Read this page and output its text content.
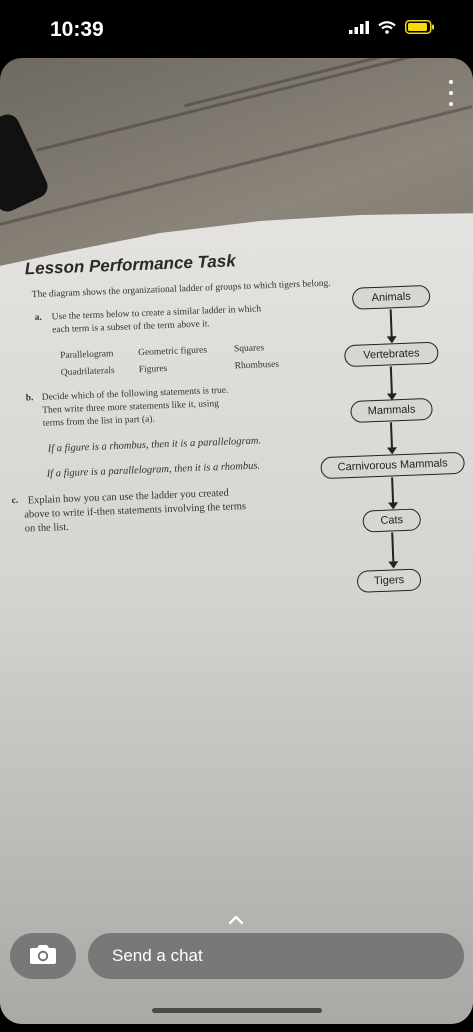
10:39
Lesson Performance Task
The diagram shows the organizational ladder of groups to which tigers belong.
a. Use the terms below to create a similar ladder in which
each term is a subset of the term above it.
Parallelogram	Geometric figures	Squares
Quadrilaterals	Figures	Rhombuses
b. Decide which of the following statements is true.
Then write three more statements like it, using
terms from the list in part (a).
If a figure is a rhombus, then it is a parallelogram.
If a figure is a parallelogram, then it is a rhombus.
c. Explain how you can use the ladder you created
above to write if-then statements involving the terms
on the list.
Animals
Vertebrates
Mammals
Carnivorous Mammals
Cats
Tigers
Send a chat
